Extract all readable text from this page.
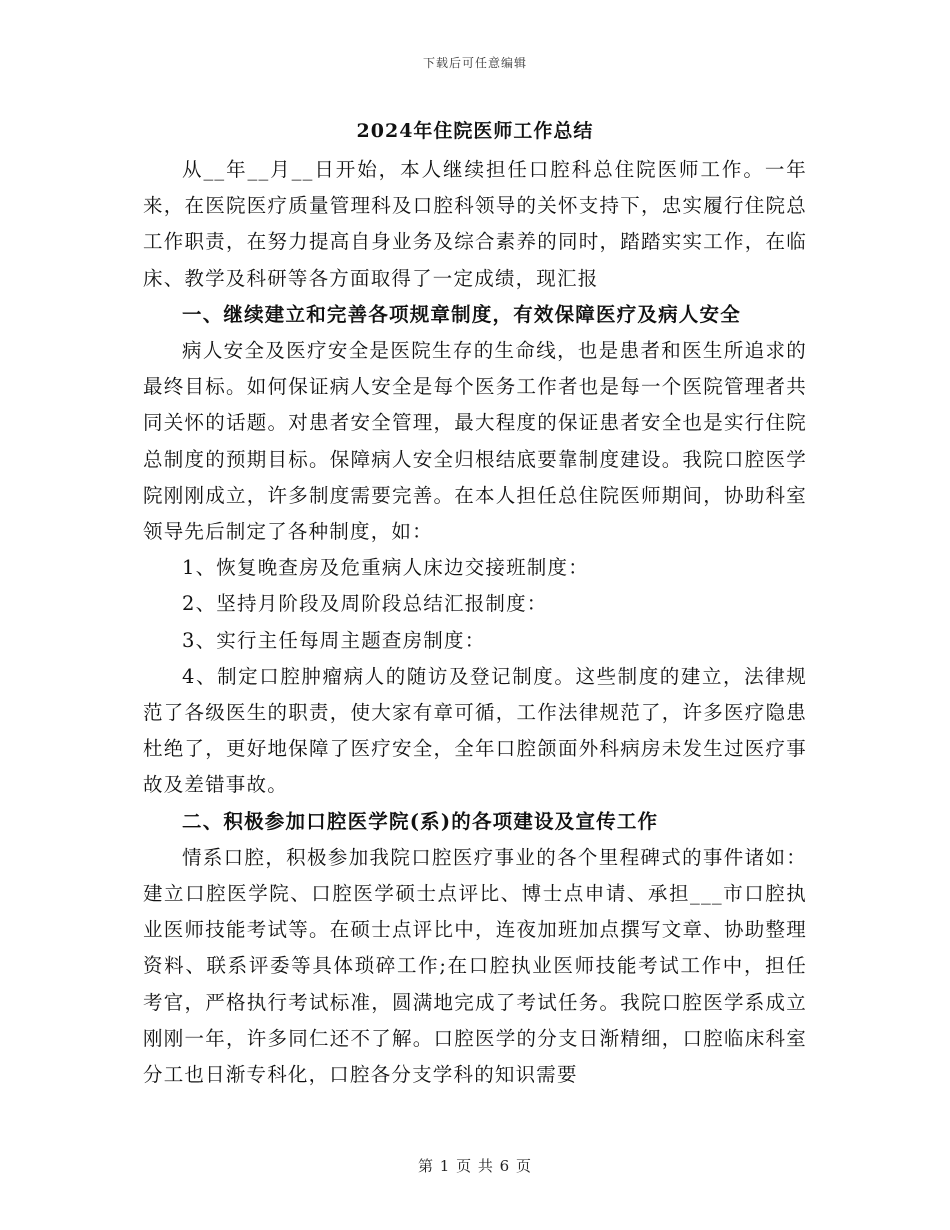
下载后可任意编辑
2024年住院医师工作总结

从__年__月__日开始，本人继续担任口腔科总住院医师工作。一年来，在医院医疗质量管理科及口腔科领导的关怀支持下，忠实履行住院总工作职责，在努力提高自身业务及综合素养的同时，踏踏实实工作，在临床、教学及科研等各方面取得了一定成绩，现汇报

一、继续建立和完善各项规章制度，有效保障医疗及病人安全

病人安全及医疗安全是医院生存的生命线，也是患者和医生所追求的最终目标。如何保证病人安全是每个医务工作者也是每一个医院管理者共同关怀的话题。对患者安全管理，最大程度的保证患者安全也是实行住院总制度的预期目标。保障病人安全归根结底要靠制度建设。我院口腔医学院刚刚成立，许多制度需要完善。在本人担任总住院医师期间，协助科室领导先后制定了各种制度，如：

1、恢复晚查房及危重病人床边交接班制度：

2、坚持月阶段及周阶段总结汇报制度：

3、实行主任每周主题查房制度：

4、制定口腔肿瘤病人的随访及登记制度。这些制度的建立，法律规范了各级医生的职责，使大家有章可循，工作法律规范了，许多医疗隐患杜绝了，更好地保障了医疗安全，全年口腔颌面外科病房未发生过医疗事故及差错事故。

二、积极参加口腔医学院(系)的各项建设及宣传工作

情系口腔，积极参加我院口腔医疗事业的各个里程碑式的事件诸如：建立口腔医学院、口腔医学硕士点评比、博士点申请、承担___市口腔执业医师技能考试等。在硕士点评比中，连夜加班加点撰写文章、协助整理资料、联系评委等具体琐碎工作;在口腔执业医师技能考试工作中，担任考官，严格执行考试标准，圆满地完成了考试任务。我院口腔医学系成立刚刚一年，许多同仁还不了解。口腔医学的分支日渐精细，口腔临床科室分工也日渐专科化，口腔各分支学科的知识需要

第 1 页 共 6 页
